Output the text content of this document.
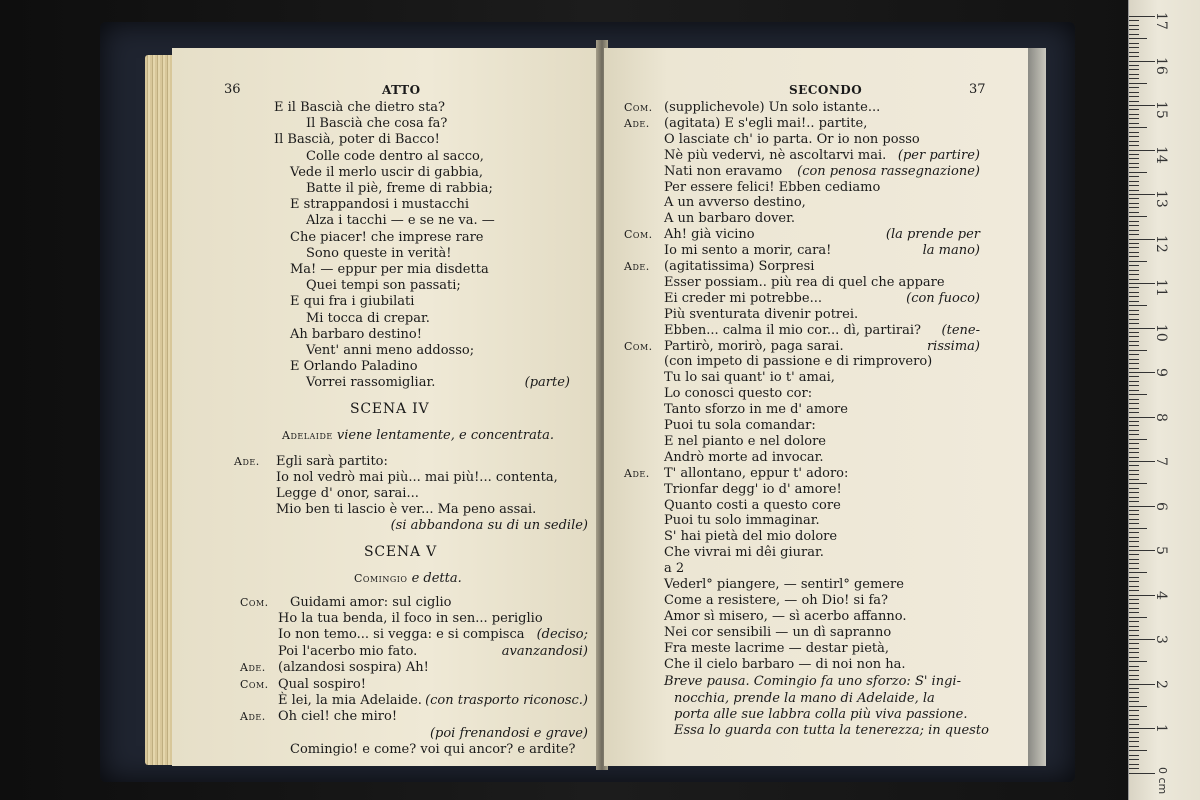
36	ATTO
E il Bascià che dietro sta?
Il Bascià che cosa fa?
Il Bascià, poter di Bacco!
Colle code dentro al sacco,
Vede il merlo uscir di gabbia,
Batte il piè, freme di rabbia;
E strappandosi i mustacchi
Alza i tacchi — e se ne va. —
Che piacer! che imprese rare
Sono queste in verità!
Ma! — eppur per mia disdetta
Quei tempi son passati;
E qui fra i giubilati
Mi tocca di crepar.
Ah barbaro destino!
Vent' anni meno addosso;
E Orlando Paladino
Vorrei rassomigliar.	(parte)
SCENA IV
Adelaide viene lentamente, e concentrata.
Ade. Egli sarà partito:
Io nol vedrò mai più... mai più!... contenta,
Legge d' onor, sarai...
Mio ben ti lascio è ver... Ma peno assai.
(si abbandona su di un sedile)
SCENA V
Comingio e detta.
Com. Guidami amor: sul ciglio
Ho la tua benda, il foco in sen... periglio
Io non temo... si vegga: e si compisca (deciso;
Poi l'acerbo mio fato.	avanzandosi)
Ade. (alzandosi sospira) Ah!
Com. Qual sospiro!
È lei, la mia Adelaide. (con trasporto riconosc.)
Ade. Oh ciel! che miro!
(poi frenandosi e grave)
Comingio! e come? voi qui ancor? e ardite?
37
SECONDO
Com. (supplichevole) Un solo istante...
Ade. (agitata) E s'egli mai!.. partite,
O lasciate ch' io parta. Or io non posso
Nè più vedervi, nè ascoltarvi mai. (per partire)
Nati non eravamo (con penosa rassegnazione)
Per essere felici! Ebben cediamo
A un avverso destino,
A un barbaro dover.
Com. Ah! già vicino	(la prende per
Io mi sento a morir, cara!	la mano)
Ade. (agitatissima) Sorpresi
Esser possiam.. più rea di quel che appare
Ei creder mi potrebbe...	(con fuoco)
Più sventurata divenir potrei.
Ebben... calma il mio cor... dì, partirai? (tene-
Com. Partirò, morirò, paga sarai.	rissima)
(con impeto di passione e di rimprovero)
Tu lo sai quant' io t' amai,
Lo conosci questo cor:
Tanto sforzo in me d' amore
Puoi tu sola comandar:
E nel pianto e nel dolore
Andrò morte ad invocar.
Ade. T' allontano, eppur t' adoro:
Trionfar degg' io d' amore!
Quanto costi a questo core
Puoi tu solo immaginar.
S' hai pietà del mio dolore
Che vivrai mi dêi giurar.
a 2
Vederl° piangere, — sentirl° gemere
Come a resistere, — oh Dio! si fa?
Amor sì misero, — sì acerbo affanno.
Nei cor sensibili — un dì sapranno
Fra meste lacrime — destar pietà,
Che il cielo barbaro — di noi non ha.
Breve pausa. Comingio fa uno sforzo: S' ingi-
nocchia, prende la mano di Adelaide, la
porta alle sue labbra colla più viva passione.
Essa lo guarda con tutta la tenerezza; in questo
0 cm
17
16
15
14
13
12
11
10
9
8
7
6
5
4
3
2
1
